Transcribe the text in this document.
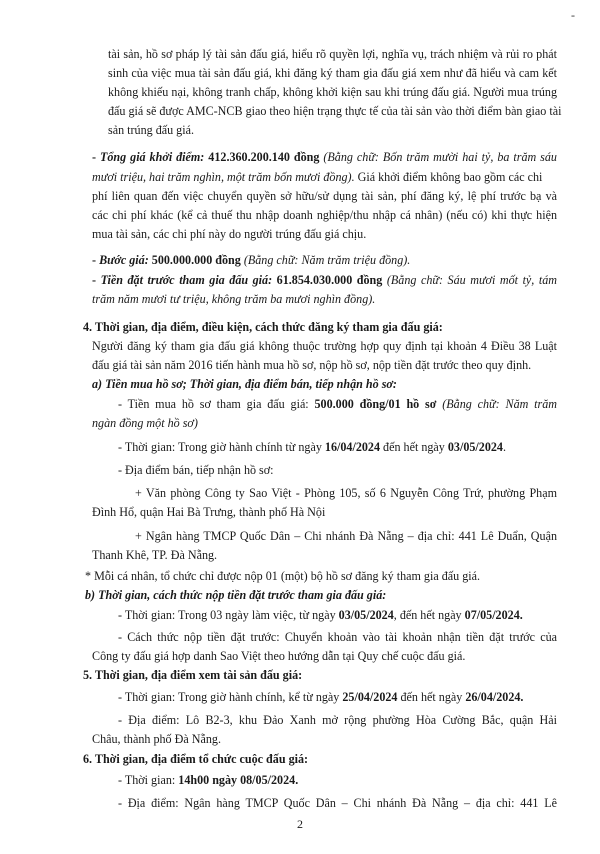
-
tài sản, hồ sơ pháp lý tài sản đấu giá, hiểu rõ quyền lợi, nghĩa vụ, trách nhiệm và rủi ro phát
sinh của việc mua tài sản đấu giá, khi đăng ký tham gia đấu giá xem như đã hiểu và cam kết
không khiếu nại, không tranh chấp, không khởi kiện sau khi trúng đấu giá. Người mua trúng
đấu giá sẽ được AMC-NCB giao theo hiện trạng thực tế của tài sản vào thời điểm bàn giao tài
sản trúng đấu giá.
- Tổng giá khởi điểm: 412.360.200.140 đồng (Bằng chữ: Bốn trăm mười hai tỷ, ba trăm sáu
mươi triệu, hai trăm nghìn, một trăm bốn mươi đồng). Giá khởi điểm không bao gồm các chi
phí liên quan đến việc chuyển quyền sở hữu/sử dụng tài sản, phí đăng ký, lệ phí trước bạ và
các chi phí khác (kể cả thuế thu nhập doanh nghiệp/thu nhập cá nhân) (nếu có) khi thực hiện
mua tài sản, các chi phí này do người trúng đấu giá chịu.
- Bước giá: 500.000.000 đồng (Bằng chữ: Năm trăm triệu đồng).
- Tiền đặt trước tham gia đấu giá: 61.854.030.000 đồng (Bằng chữ: Sáu mươi mốt tỷ, tám
trăm năm mươi tư triệu, không trăm ba mươi nghìn đồng).
4. Thời gian, địa điểm, điều kiện, cách thức đăng ký tham gia đấu giá:
Người đăng ký tham gia đấu giá không thuộc trường hợp quy định tại khoản 4 Điều 38 Luật
đấu giá tài sản năm 2016 tiến hành mua hồ sơ, nộp hồ sơ, nộp tiền đặt trước theo quy định.
a) Tiền mua hồ sơ; Thời gian, địa điểm bán, tiếp nhận hồ sơ:
- Tiền mua hồ sơ tham gia đấu giá: 500.000 đồng/01 hồ sơ (Bằng chữ: Năm trăm
ngàn đồng một hồ sơ)
- Thời gian: Trong giờ hành chính từ ngày 16/04/2024 đến hết ngày 03/05/2024.
- Địa điểm bán, tiếp nhận hồ sơ:
+ Văn phòng Công ty Sao Việt - Phòng 105, số 6 Nguyễn Công Trứ, phường Phạm
Đình Hổ, quận Hai Bà Trưng, thành phố Hà Nội
+ Ngân hàng TMCP Quốc Dân – Chi nhánh Đà Nẵng – địa chỉ: 441 Lê Duẩn, Quận
Thanh Khê, TP. Đà Nẵng.
* Mỗi cá nhân, tổ chức chỉ được nộp 01 (một) bộ hồ sơ đăng ký tham gia đấu giá.
b) Thời gian, cách thức nộp tiền đặt trước tham gia đấu giá:
- Thời gian: Trong 03 ngày làm việc, từ ngày 03/05/2024, đến hết ngày 07/05/2024.
- Cách thức nộp tiền đặt trước: Chuyển khoản vào tài khoản nhận tiền đặt trước của
Công ty đấu giá hợp danh Sao Việt theo hướng dẫn tại Quy chế cuộc đấu giá.
5. Thời gian, địa điểm xem tài sản đấu giá:
- Thời gian: Trong giờ hành chính, kể từ ngày 25/04/2024 đến hết ngày 26/04/2024.
- Địa điểm: Lô B2-3, khu Đảo Xanh mở rộng phường Hòa Cường Bắc, quận Hải
Châu, thành phố Đà Nẵng.
6. Thời gian, địa điểm tổ chức cuộc đấu giá:
- Thời gian: 14h00 ngày 08/05/2024.
- Địa điểm: Ngân hàng TMCP Quốc Dân – Chi nhánh Đà Nẵng – địa chỉ: 441 Lê
2
